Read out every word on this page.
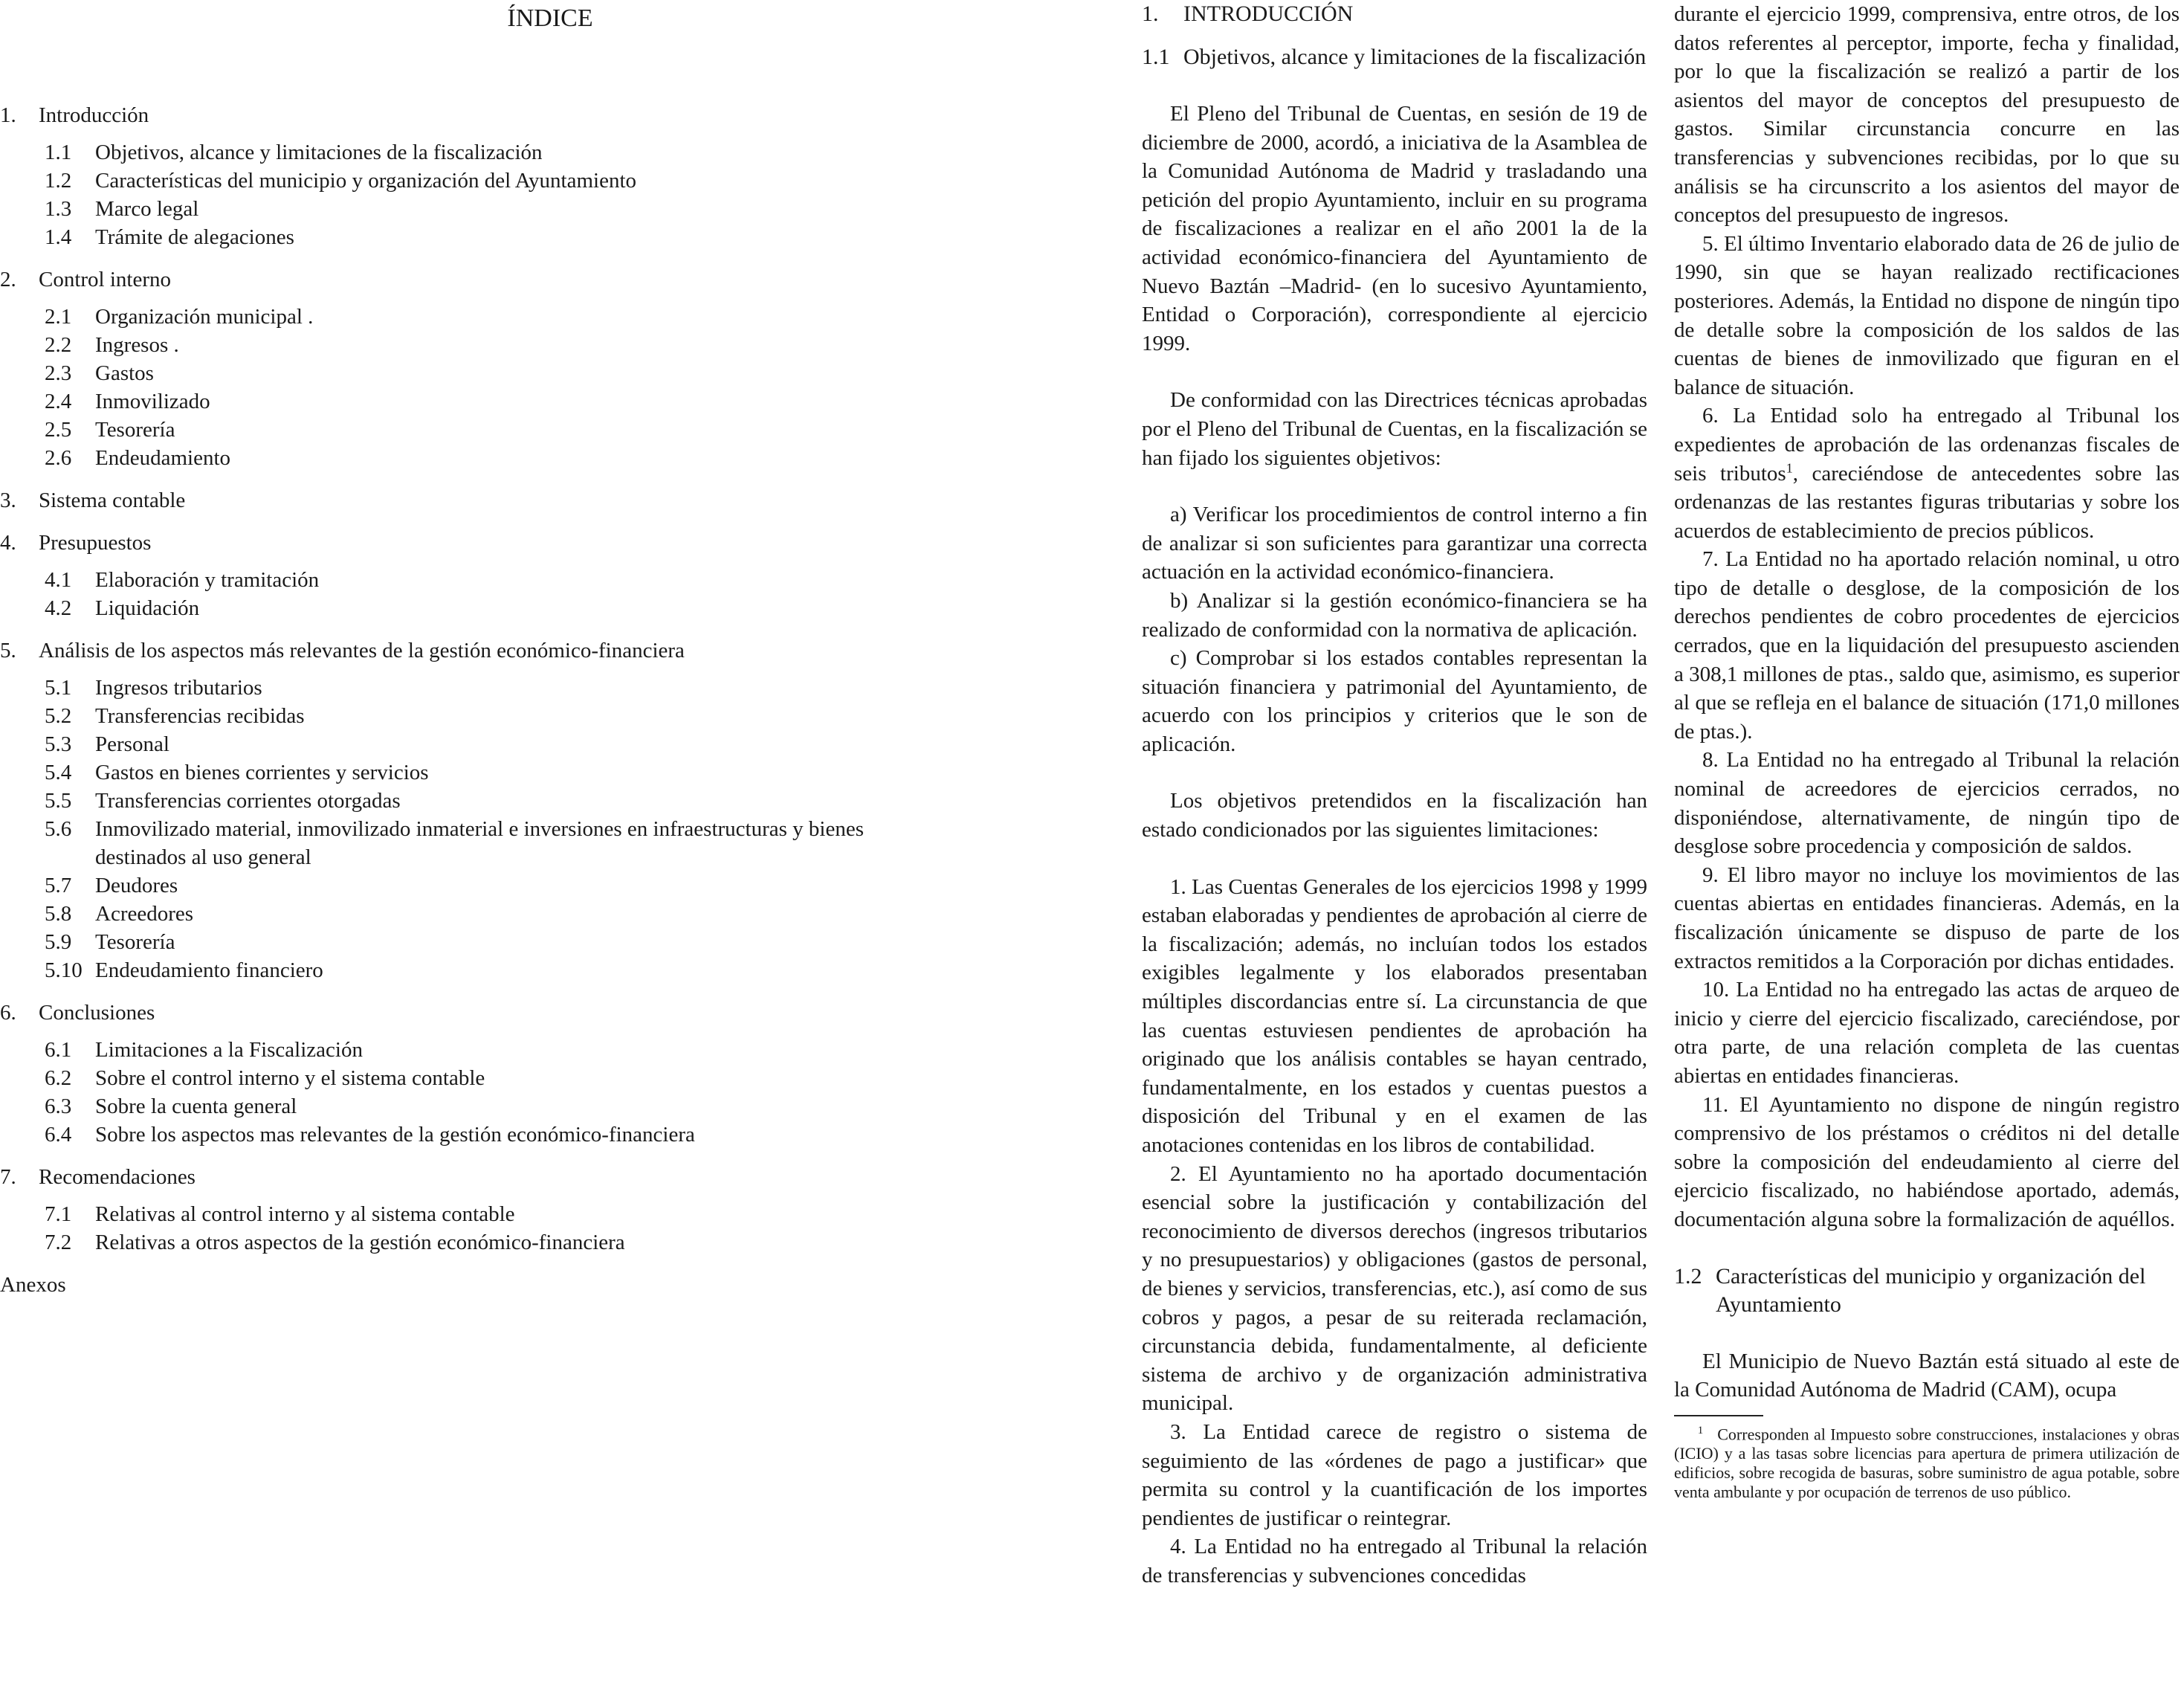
ÍNDICE
1. Introducción
1.1 Objetivos, alcance y limitaciones de la fiscalización
1.2 Características del municipio y organización del Ayuntamiento
1.3 Marco legal
1.4 Trámite de alegaciones
2. Control interno
2.1 Organización municipal .
2.2 Ingresos .
2.3 Gastos
2.4 Inmovilizado
2.5 Tesorería
2.6 Endeudamiento
3. Sistema contable
4. Presupuestos
4.1 Elaboración y tramitación
4.2 Liquidación
5. Análisis de los aspectos más relevantes de la gestión económico-financiera
5.1 Ingresos tributarios
5.2 Transferencias recibidas
5.3 Personal
5.4 Gastos en bienes corrientes y servicios
5.5 Transferencias corrientes otorgadas
5.6	Inmovilizado material, inmovilizado inmaterial e inversiones en infraestructuras y bienes destinados al uso general
5.7 Deudores
5.8 Acreedores
5.9 Tesorería
5.10 Endeudamiento financiero
6. Conclusiones
6.1 Limitaciones a la Fiscalización
6.2 Sobre el control interno y el sistema contable
6.3 Sobre la cuenta general
6.4 Sobre los aspectos mas relevantes de la gestión económico-financiera
7. Recomendaciones
7.1 Relativas al control interno y al sistema contable
7.2 Relativas a otros aspectos de la gestión económico-financiera
Anexos
1. INTRODUCCIÓN
1.1 Objetivos, alcance y limitaciones de la fiscalización

El Pleno del Tribunal de Cuentas, en sesión de 19 de diciembre de 2000, acordó, a iniciativa de la Asamblea de la Comunidad Autónoma de Madrid y trasladando una petición del propio Ayuntamiento, incluir en su programa de fiscalizaciones a realizar en el año 2001 la de la actividad económico-financiera del Ayuntamiento de Nuevo Baztán –Madrid- (en lo sucesivo Ayuntamiento, Entidad o Corporación), correspondiente al ejercicio 1999.

De conformidad con las Directrices técnicas aprobadas por el Pleno del Tribunal de Cuentas, en la fiscalización se han fijado los siguientes objetivos:

a) Verificar los procedimientos de control interno a fin de analizar si son suficientes para garantizar una correcta actuación en la actividad económico-financiera.

b) Analizar si la gestión económico-financiera se ha realizado de conformidad con la normativa de aplicación.

c) Comprobar si los estados contables representan la situación financiera y patrimonial del Ayuntamiento, de acuerdo con los principios y criterios que le son de aplicación.

Los objetivos pretendidos en la fiscalización han estado condicionados por las siguientes limitaciones:

1. Las Cuentas Generales de los ejercicios 1998 y 1999 estaban elaboradas y pendientes de aprobación al cierre de la fiscalización; además, no incluían todos los estados exigibles legalmente y los elaborados presentaban múltiples discordancias entre sí. La circunstancia de que las cuentas estuviesen pendientes de aprobación ha originado que los análisis contables se hayan centrado, fundamentalmente, en los estados y cuentas puestos a disposición del Tribunal y en el examen de las anotaciones contenidas en los libros de contabilidad.

2. El Ayuntamiento no ha aportado documentación esencial sobre la justificación y contabilización del reconocimiento de diversos derechos (ingresos tributarios y no presupuestarios) y obligaciones (gastos de personal, de bienes y servicios, transferencias, etc.), así como de sus cobros y pagos, a pesar de su reiterada reclamación, circunstancia debida, fundamentalmente, al deficiente sistema de archivo y de organización administrativa municipal.

3. La Entidad carece de registro o sistema de seguimiento de las «órdenes de pago a justificar» que permita su control y la cuantificación de los importes pendientes de justificar o reintegrar.

4. La Entidad no ha entregado al Tribunal la relación de transferencias y subvenciones concedidas

durante el ejercicio 1999, comprensiva, entre otros, de los datos referentes al perceptor, importe, fecha y finalidad, por lo que la fiscalización se realizó a partir de los asientos del mayor de conceptos del presupuesto de gastos. Similar circunstancia concurre en las transferencias y subvenciones recibidas, por lo que su análisis se ha circunscrito a los asientos del mayor de conceptos del presupuesto de ingresos.

5. El último Inventario elaborado data de 26 de julio de 1990, sin que se hayan realizado rectificaciones posteriores. Además, la Entidad no dispone de ningún tipo de detalle sobre la composición de los saldos de las cuentas de bienes de inmovilizado que figuran en el balance de situación.

6. La Entidad solo ha entregado al Tribunal los expedientes de aprobación de las ordenanzas fiscales de seis tributos$^1$, careciéndose de antecedentes sobre las ordenanzas de las restantes figuras tributarias y sobre los acuerdos de establecimiento de precios públicos.

7. La Entidad no ha aportado relación nominal, u otro tipo de detalle o desglose, de la composición de los derechos pendientes de cobro procedentes de ejercicios cerrados, que en la liquidación del presupuesto ascienden a 308,1 millones de ptas., saldo que, asimismo, es superior al que se refleja en el balance de situación (171,0 millones de ptas.).

8. La Entidad no ha entregado al Tribunal la relación nominal de acreedores de ejercicios cerrados, no disponiéndose, alternativamente, de ningún tipo de desglose sobre procedencia y composición de saldos.

9. El libro mayor no incluye los movimientos de las cuentas abiertas en entidades financieras. Además, en la fiscalización únicamente se dispuso de parte de los extractos remitidos a la Corporación por dichas entidades.

10. La Entidad no ha entregado las actas de arqueo de inicio y cierre del ejercicio fiscalizado, careciéndose, por otra parte, de una relación completa de las cuentas abiertas en entidades financieras.

11. El Ayuntamiento no dispone de ningún registro comprensivo de los préstamos o créditos ni del detalle sobre la composición del endeudamiento al cierre del ejercicio fiscalizado, no habiéndose aportado, además, documentación alguna sobre la formalización de aquéllos.

1.2 Características del municipio y organización del Ayuntamiento

El Municipio de Nuevo Baztán está situado al este de la Comunidad Autónoma de Madrid (CAM), ocupa

$^1$ Corresponden al Impuesto sobre construcciones, instalaciones y obras (ICIO) y a las tasas sobre licencias para apertura de primera utilización de edificios, sobre recogida de basuras, sobre suministro de agua potable, sobre venta ambulante y por ocupación de terrenos de uso público.
